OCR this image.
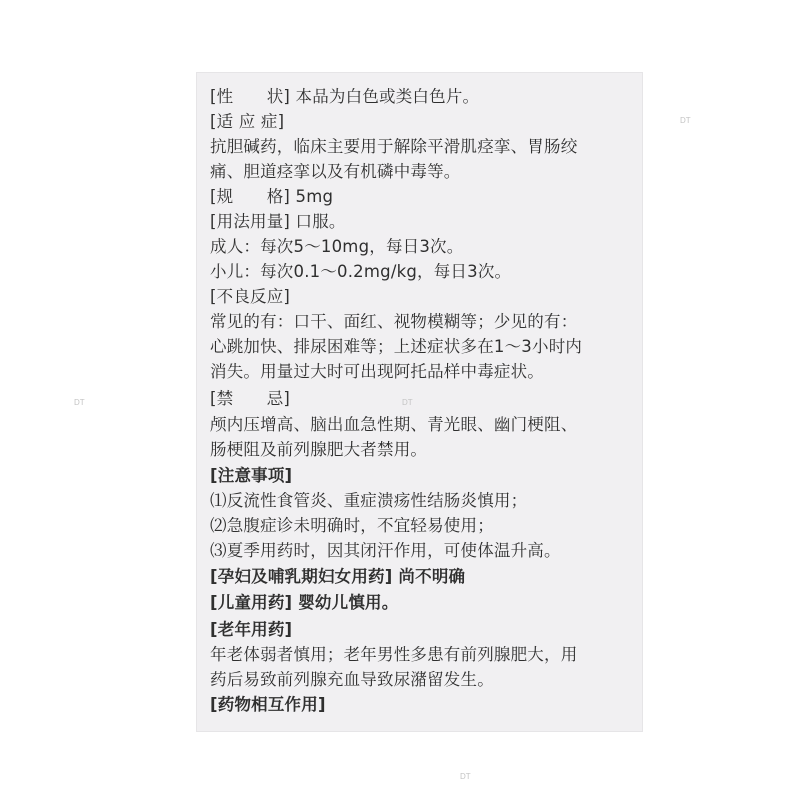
[性　　状] 本品为白色或类白色片。
[适 应 症]
抗胆碱药，临床主要用于解除平滑肌痉挛、胃肠绞
痛、胆道痉挛以及有机磷中毒等。
[规　　格] 5mg
[用法用量] 口服。
成人：每次5～10mg，每日3次。
小儿：每次0.1～0.2mg/kg，每日3次。
[不良反应]
常见的有：口干、面红、视物模糊等；少见的有：
心跳加快、排尿困难等；上述症状多在1～3小时内
消失。用量过大时可出现阿托品样中毒症状。
[禁　　忌]
颅内压增高、脑出血急性期、青光眼、幽门梗阻、
肠梗阻及前列腺肥大者禁用。
[注意事项]
⑴反流性食管炎、重症溃疡性结肠炎慎用；
⑵急腹症诊未明确时，不宜轻易使用；
⑶夏季用药时，因其闭汗作用，可使体温升高。
[孕妇及哺乳期妇女用药] 尚不明确
[儿童用药] 婴幼儿慎用。
[老年用药]
年老体弱者慎用；老年男性多患有前列腺肥大，用
药后易致前列腺充血导致尿潴留发生。
[药物相互作用]
DT
DT	DT
DT
